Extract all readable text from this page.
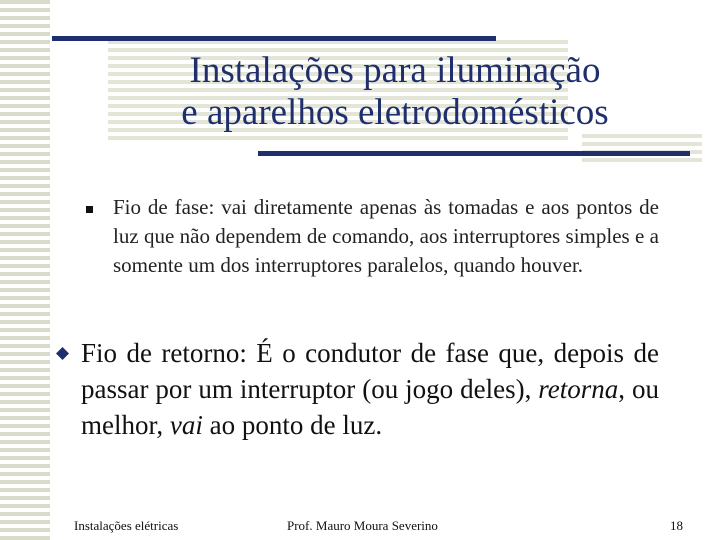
Instalações para iluminação
e aparelhos eletrodomésticos

Fio de fase: vai diretamente apenas às tomadas e aos pontos de luz que não dependem de comando, aos interruptores simples e a somente um dos interruptores paralelos, quando houver.

Fio de retorno: É o condutor de fase que, depois de passar por um interruptor (ou jogo deles), retorna, ou melhor, vai ao ponto de luz.

Instalações elétricas	Prof. Mauro Moura Severino	18
